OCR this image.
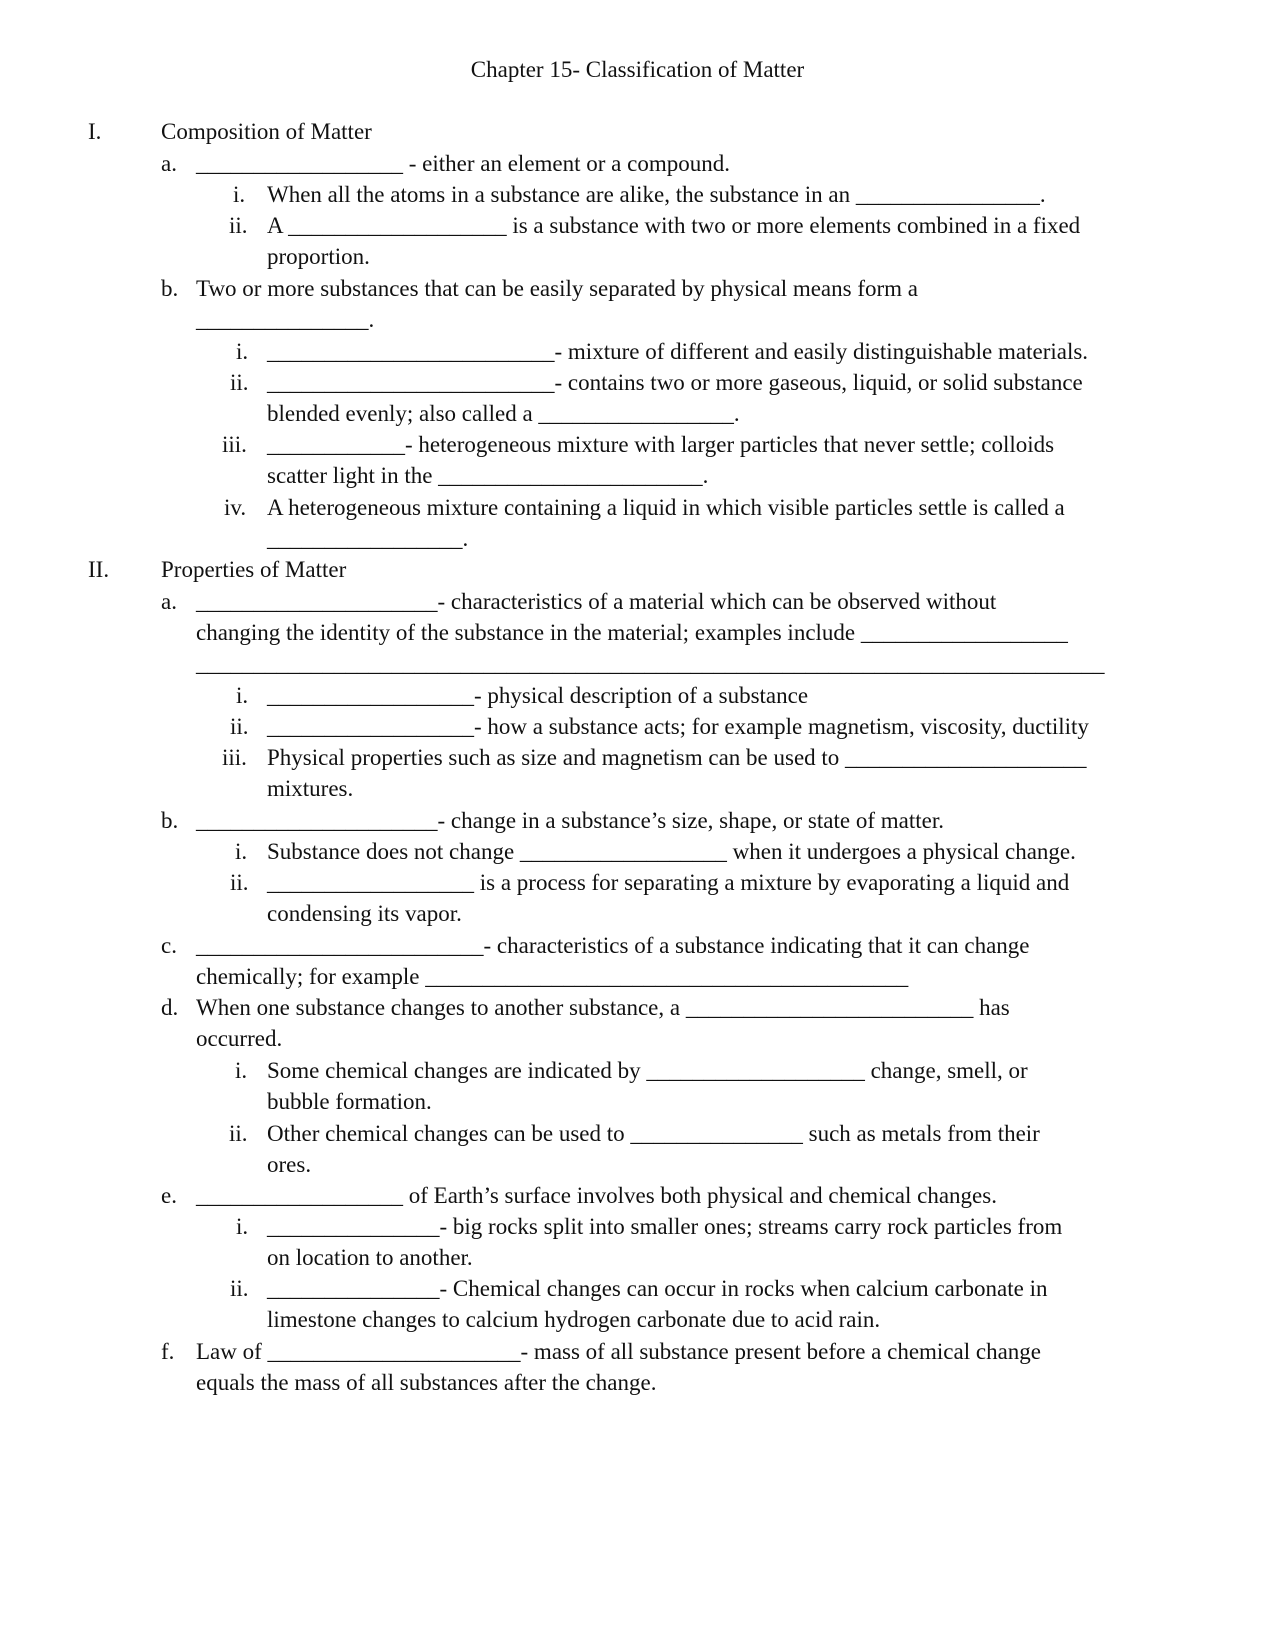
Chapter 15- Classification of Matter
I.	Composition of Matter
a. __________________ - either an element or a compound.
i. When all the atoms in a substance are alike, the substance in an ________________.
ii. A ___________________ is a substance with two or more elements combined in a fixed
proportion.
b. Two or more substances that can be easily separated by physical means form a
_______________.
i. _________________________- mixture of different and easily distinguishable materials.
ii. _________________________- contains two or more gaseous, liquid, or solid substance
blended evenly; also called a _________________.
iii. ____________- heterogeneous mixture with larger particles that never settle; colloids
scatter light in the _______________________.
iv. A heterogeneous mixture containing a liquid in which visible particles settle is called a
_________________.
II. Properties of Matter
a. _____________________- characteristics of a material which can be observed without
changing the identity of the substance in the material; examples include __________________
_______________________________________________________________________________
i. __________________- physical description of a substance
ii. __________________- how a substance acts; for example magnetism, viscosity, ductility
iii. Physical properties such as size and magnetism can be used to _____________________
mixtures.
b. _____________________- change in a substance’s size, shape, or state of matter.
i. Substance does not change __________________ when it undergoes a physical change.
ii. __________________ is a process for separating a mixture by evaporating a liquid and
condensing its vapor.
c. _________________________- characteristics of a substance indicating that it can change
chemically; for example __________________________________________
d. When one substance changes to another substance, a _________________________ has
occurred.
i. Some chemical changes are indicated by ___________________ change, smell, or
bubble formation.
ii. Other chemical changes can be used to _______________ such as metals from their
ores.
e. __________________ of Earth’s surface involves both physical and chemical changes.
i. _______________- big rocks split into smaller ones; streams carry rock particles from
on location to another.
ii. _______________- Chemical changes can occur in rocks when calcium carbonate in
limestone changes to calcium hydrogen carbonate due to acid rain.
f. Law of ______________________- mass of all substance present before a chemical change
equals the mass of all substances after the change.
